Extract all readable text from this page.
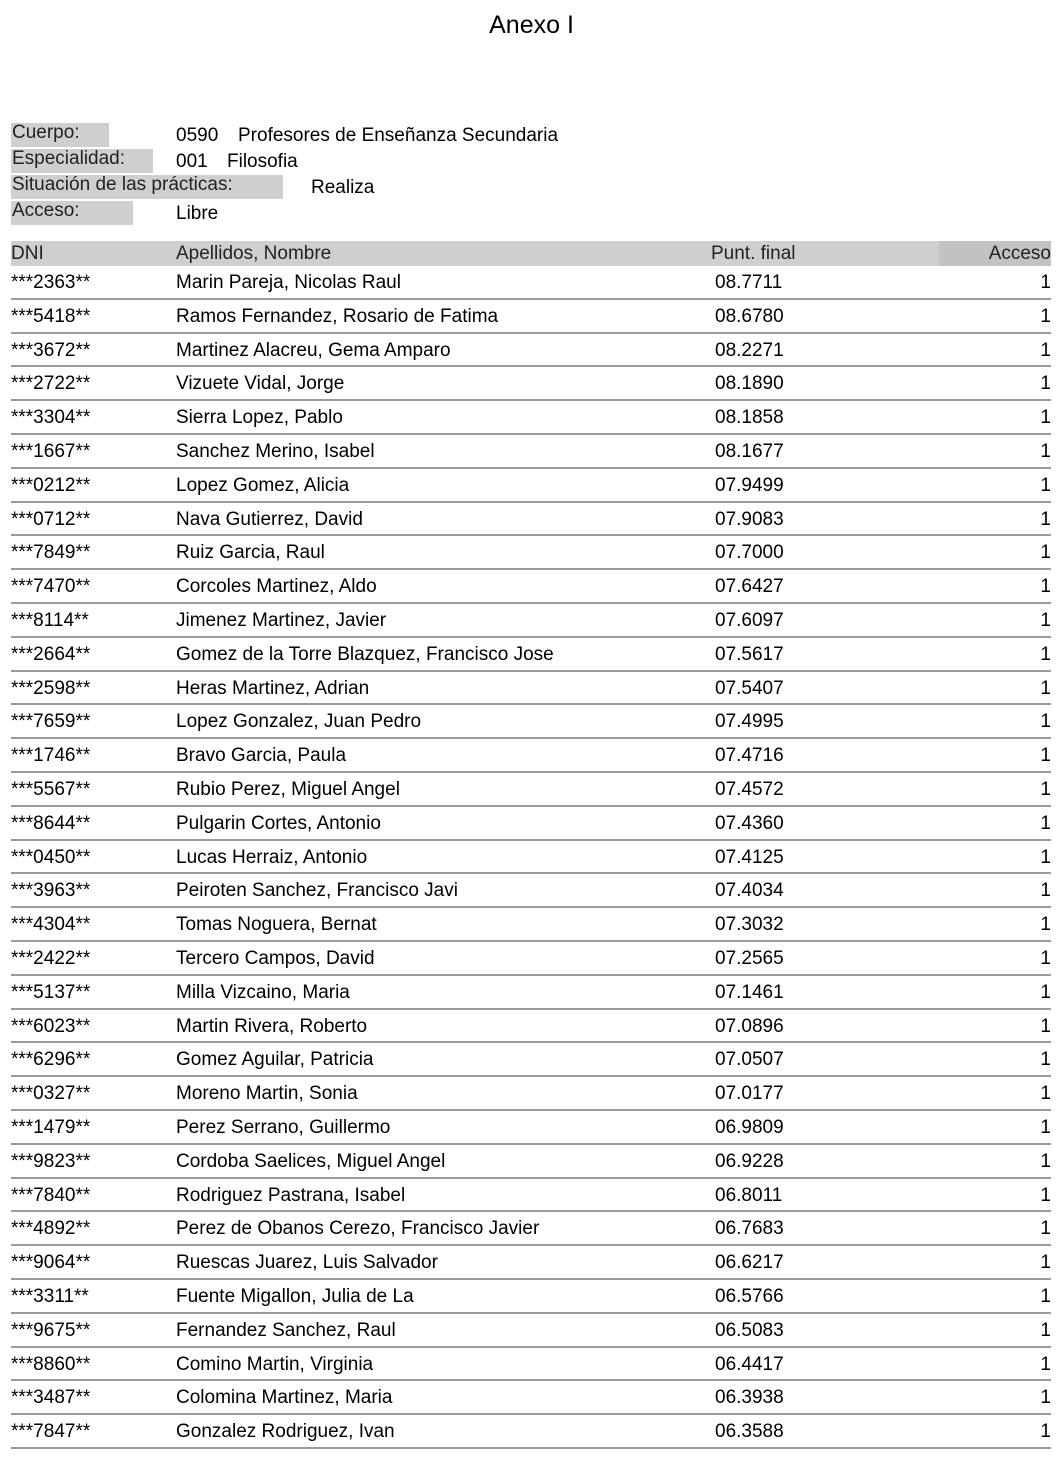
Anexo I
Cuerpo:	0590 Profesores de Enseñanza Secundaria
Especialidad:	001 Filosofia
Situación de las prácticas:	Realiza
Acceso:	Libre
DNI	Apellidos, Nombre	Punt. final	Acceso
***2363**	Marin Pareja, Nicolas Raul	08.7711	1
***5418**	Ramos Fernandez, Rosario de Fatima	08.6780	1
***3672**	Martinez Alacreu, Gema Amparo	08.2271	1
***2722**	Vizuete Vidal, Jorge	08.1890	1
***3304**	Sierra Lopez, Pablo	08.1858	1
***1667**	Sanchez Merino, Isabel	08.1677	1
***0212**	Lopez Gomez, Alicia	07.9499	1
***0712**	Nava Gutierrez, David	07.9083	1
***7849**	Ruiz Garcia, Raul	07.7000	1
***7470**	Corcoles Martinez, Aldo	07.6427	1
***8114**	Jimenez Martinez, Javier	07.6097	1
***2664**	Gomez de la Torre Blazquez, Francisco Jose	07.5617	1
***2598**	Heras Martinez, Adrian	07.5407	1
***7659**	Lopez Gonzalez, Juan Pedro	07.4995	1
***1746**	Bravo Garcia, Paula	07.4716	1
***5567**	Rubio Perez, Miguel Angel	07.4572	1
***8644**	Pulgarin Cortes, Antonio	07.4360	1
***0450**	Lucas Herraiz, Antonio	07.4125	1
***3963**	Peiroten Sanchez, Francisco Javi	07.4034	1
***4304**	Tomas Noguera, Bernat	07.3032	1
***2422**	Tercero Campos, David	07.2565	1
***5137**	Milla Vizcaino, Maria	07.1461	1
***6023**	Martin Rivera, Roberto	07.0896	1
***6296**	Gomez Aguilar, Patricia	07.0507	1
***0327**	Moreno Martin, Sonia	07.0177	1
***1479**	Perez Serrano, Guillermo	06.9809	1
***9823**	Cordoba Saelices, Miguel Angel	06.9228	1
***7840**	Rodriguez Pastrana, Isabel	06.8011	1
***4892**	Perez de Obanos Cerezo, Francisco Javier	06.7683	1
***9064**	Ruescas Juarez, Luis Salvador	06.6217	1
***3311**	Fuente Migallon, Julia de La	06.5766	1
***9675**	Fernandez Sanchez, Raul	06.5083	1
***8860**	Comino Martin, Virginia	06.4417	1
***3487**	Colomina Martinez, Maria	06.3938	1
***7847**	Gonzalez Rodriguez, Ivan	06.3588	1
